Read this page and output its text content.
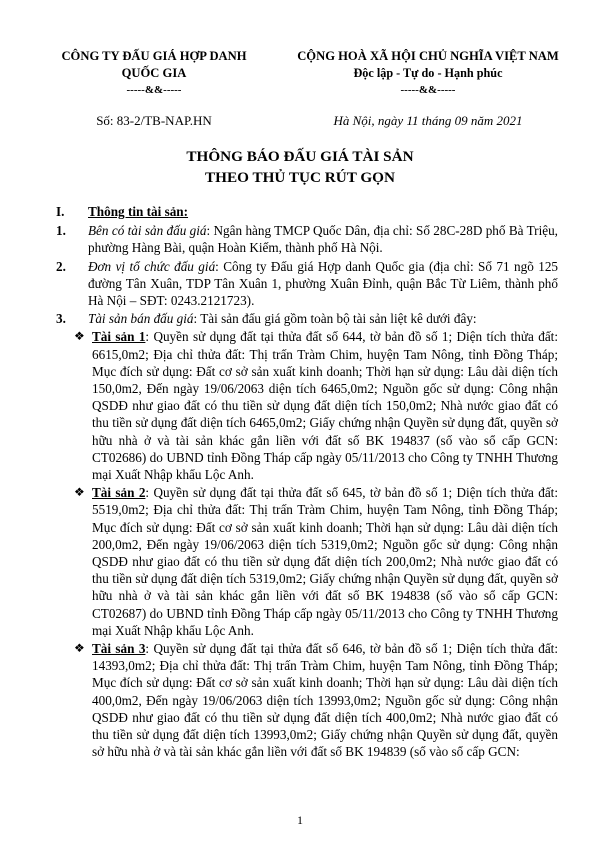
CÔNG TY ĐẤU GIÁ HỢP DANH
QUỐC GIA
-----&&-----
CỘNG HOÀ XÃ HỘI CHỦ NGHĨA VIỆT NAM
Độc lập - Tự do - Hạnh phúc
-----&&-----
Số: 83-2/TB-NAP.HN	Hà Nội, ngày 11 tháng 09 năm 2021
THÔNG BÁO ĐẤU GIÁ TÀI SẢN
THEO THỦ TỤC RÚT GỌN
I.	Thông tin tài sản:
1.	Bên có tài sản đấu giá: Ngân hàng TMCP Quốc Dân, địa chỉ: Số 28C-28D phố Bà Triệu, phường Hàng Bài, quận Hoàn Kiếm, thành phố Hà Nội.
2.	Đơn vị tổ chức đấu giá: Công ty Đấu giá Hợp danh Quốc gia (địa chỉ: Số 71 ngõ 125 đường Tân Xuân, TDP Tân Xuân 1, phường Xuân Đỉnh, quận Bắc Từ Liêm, thành phố Hà Nội – SĐT: 0243.2121723).
3.	Tài sản bán đấu giá: Tài sản đấu giá gồm toàn bộ tài sản liệt kê dưới đây:
❖ Tài sản 1: Quyền sử dụng đất tại thửa đất số 644, tờ bản đồ số 1; Diện tích thửa đất: 6615,0m2; Địa chỉ thửa đất: Thị trấn Tràm Chim, huyện Tam Nông, tỉnh Đồng Tháp; Mục đích sử dụng: Đất cơ sở sản xuất kinh doanh; Thời hạn sử dụng: Lâu dài diện tích 150,0m2, Đến ngày 19/06/2063 diện tích 6465,0m2; Nguồn gốc sử dụng: Công nhận QSDĐ như giao đất có thu tiền sử dụng đất diện tích 150,0m2; Nhà nước giao đất có thu tiền sử dụng đất diện tích 6465,0m2; Giấy chứng nhận Quyền sử dụng đất, quyền sở hữu nhà ở và tài sản khác gắn liền với đất số BK 194837 (số vào sổ cấp GCN: CT02686) do UBND tỉnh Đồng Tháp cấp ngày 05/11/2013 cho Công ty TNHH Thương mại Xuất Nhập khẩu Lộc Anh.
❖ Tài sản 2: Quyền sử dụng đất tại thửa đất số 645, tờ bản đồ số 1; Diện tích thửa đất: 5519,0m2; Địa chỉ thửa đất: Thị trấn Tràm Chim, huyện Tam Nông, tỉnh Đồng Tháp; Mục đích sử dụng: Đất cơ sở sản xuất kinh doanh; Thời hạn sử dụng: Lâu dài diện tích 200,0m2, Đến ngày 19/06/2063 diện tích 5319,0m2; Nguồn gốc sử dụng: Công nhận QSDĐ như giao đất có thu tiền sử dụng đất diện tích 200,0m2; Nhà nước giao đất có thu tiền sử dụng đất diện tích 5319,0m2; Giấy chứng nhận Quyền sử dụng đất, quyền sở hữu nhà ở và tài sản khác gắn liền với đất số BK 194838 (số vào sổ cấp GCN: CT02687) do UBND tỉnh Đồng Tháp cấp ngày 05/11/2013 cho Công ty TNHH Thương mại Xuất Nhập khẩu Lộc Anh.
❖ Tài sản 3: Quyền sử dụng đất tại thửa đất số 646, tờ bản đồ số 1; Diện tích thửa đất: 14393,0m2; Địa chỉ thửa đất: Thị trấn Tràm Chim, huyện Tam Nông, tỉnh Đồng Tháp; Mục đích sử dụng: Đất cơ sở sản xuất kinh doanh; Thời hạn sử dụng: Lâu dài diện tích 400,0m2, Đến ngày 19/06/2063 diện tích 13993,0m2; Nguồn gốc sử dụng: Công nhận QSDĐ như giao đất có thu tiền sử dụng đất diện tích 400,0m2; Nhà nước giao đất có thu tiền sử dụng đất diện tích 13993,0m2; Giấy chứng nhận Quyền sử dụng đất, quyền sở hữu nhà ở và tài sản khác gắn liền với đất số BK 194839 (số vào sổ cấp GCN:
1
